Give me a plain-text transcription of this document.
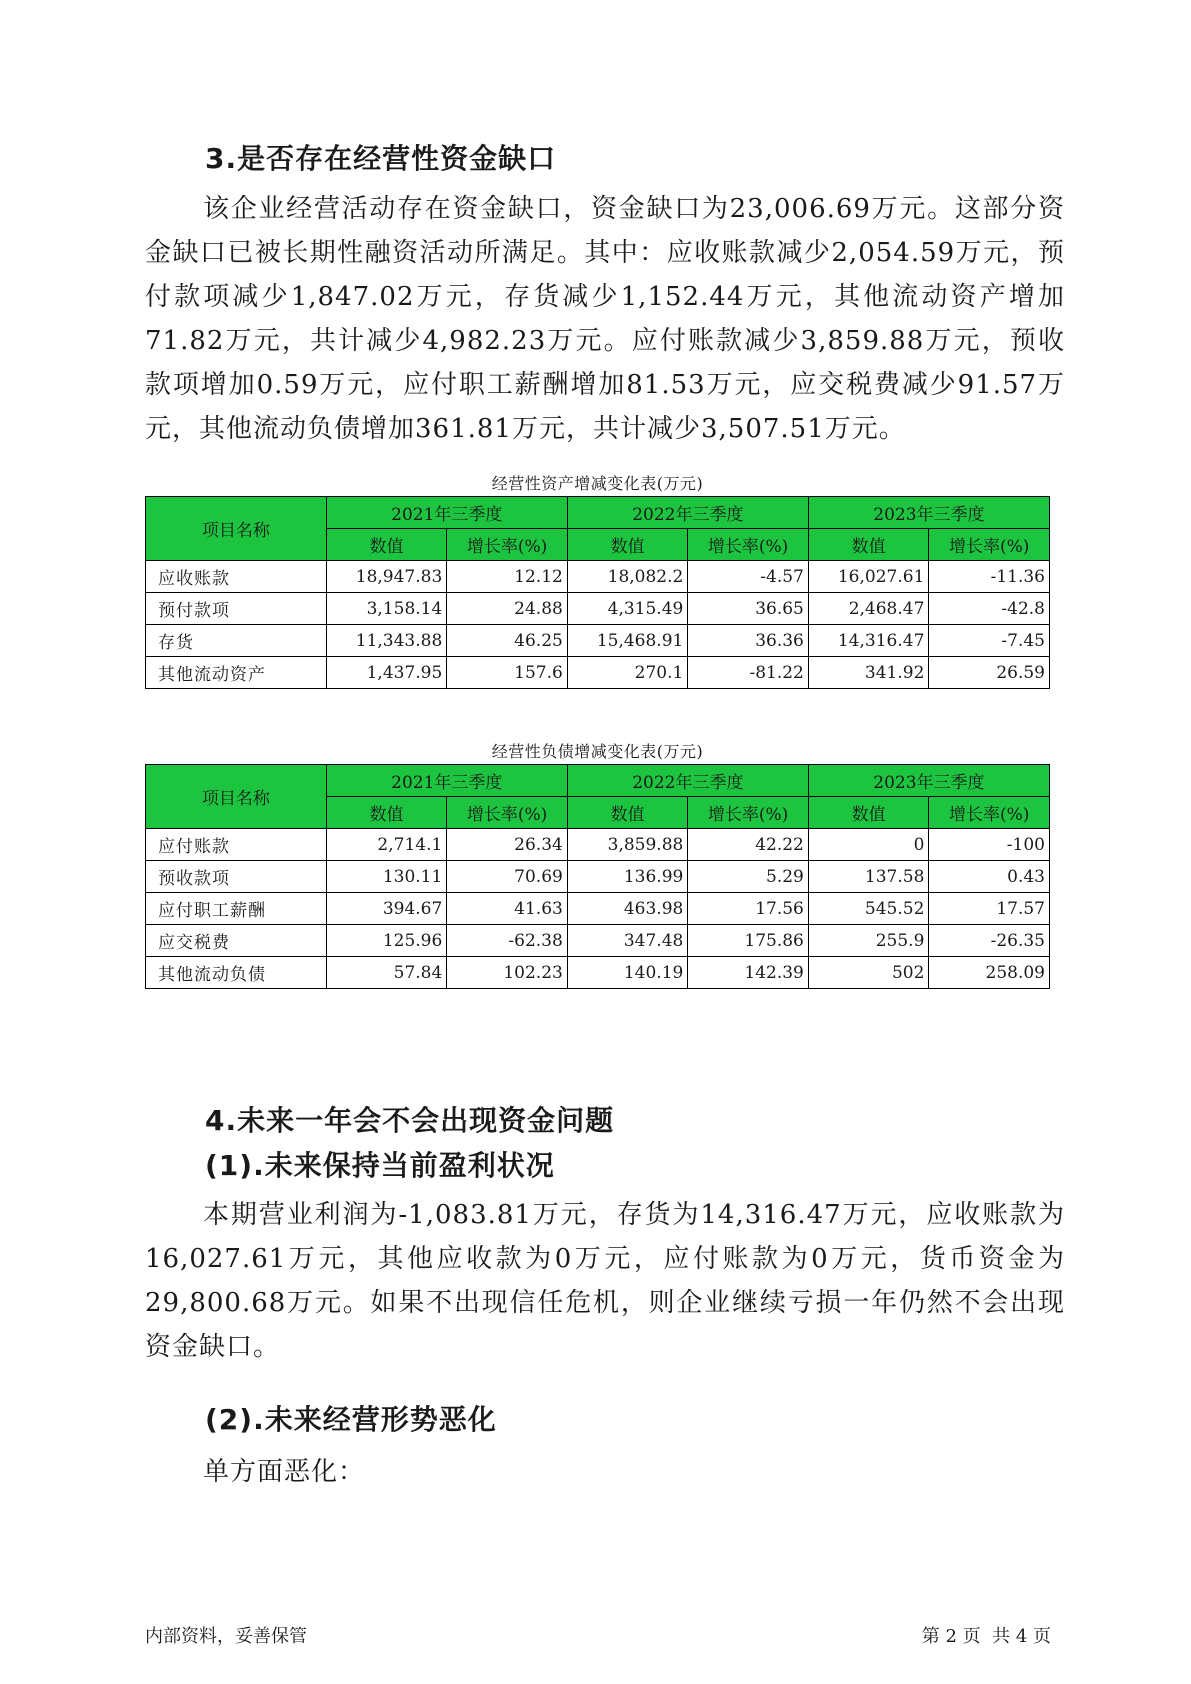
3.是否存在经营性资金缺口

该企业经营活动存在资金缺口，资金缺口为23,006.69万元。这部分资金缺口已被长期性融资活动所满足。其中：应收账款减少2,054.59万元，预付款项减少1,847.02万元，存货减少1,152.44万元，其他流动资产增加71.82万元，共计减少4,982.23万元。应付账款减少3,859.88万元，预收款项增加0.59万元，应付职工薪酬增加81.53万元，应交税费减少91.57万元，其他流动负债增加361.81万元，共计减少3,507.51万元。

经营性资产增减变化表(万元)

项目名称	2021年三季度		2022年三季度		2023年三季度	
	数值	增长率(%)	数值	增长率(%)	数值	增长率(%)
应收账款	18,947.83	12.12	18,082.2	-4.57	16,027.61	-11.36
预付款项	3,158.14	24.88	4,315.49	36.65	2,468.47	-42.8
存货	11,343.88	46.25	15,468.91	36.36	14,316.47	-7.45
其他流动资产	1,437.95	157.6	270.1	-81.22	341.92	26.59

经营性负债增减变化表(万元)

项目名称	2021年三季度		2022年三季度		2023年三季度	
	数值	增长率(%)	数值	增长率(%)	数值	增长率(%)
应付账款	2,714.1	26.34	3,859.88	42.22	0	-100
预收款项	130.11	70.69	136.99	5.29	137.58	0.43
应付职工薪酬	394.67	41.63	463.98	17.56	545.52	17.57
应交税费	125.96	-62.38	347.48	175.86	255.9	-26.35
其他流动负债	57.84	102.23	140.19	142.39	502	258.09
4.未来一年会不会出现资金问题
(1).未来保持当前盈利状况

本期营业利润为-1,083.81万元，存货为14,316.47万元，应收账款为16,027.61万元，其他应收款为0万元，应付账款为0万元，货币资金为29,800.68万元。如果不出现信任危机，则企业继续亏损一年仍然不会出现资金缺口。

(2).未来经营形势恶化

单方面恶化：

内部资料，妥善保管	第 2 页  共 4 页
